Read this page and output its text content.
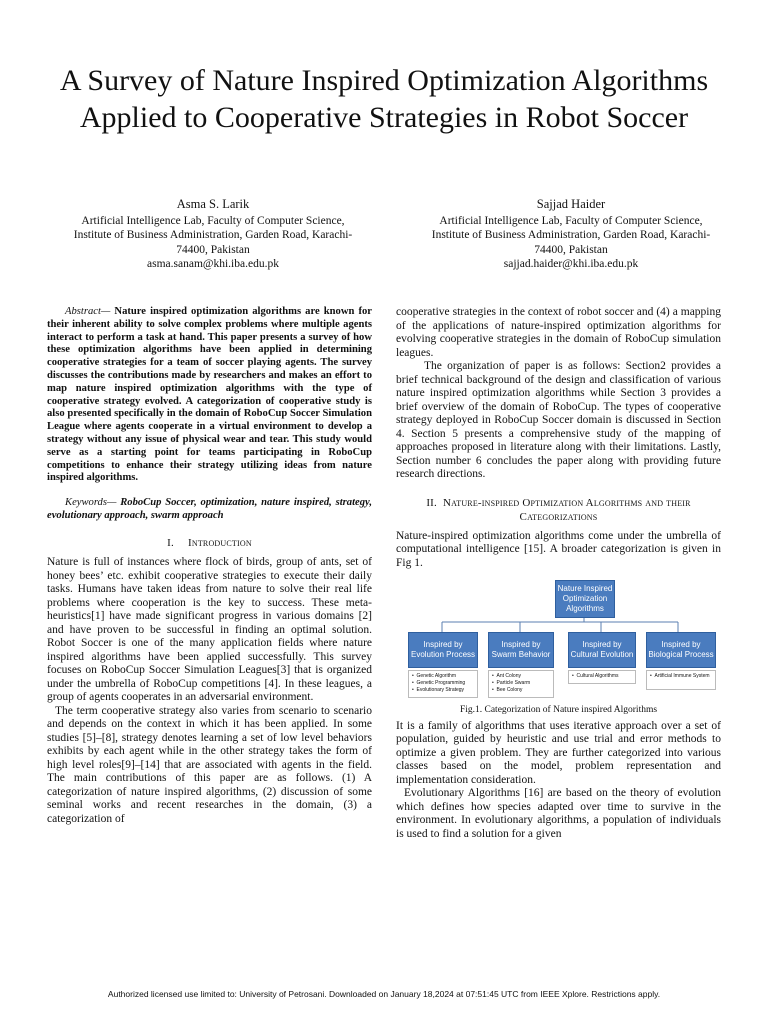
A Survey of Nature Inspired Optimization Algorithms Applied to Cooperative Strategies in Robot Soccer
Asma S. Larik
Artificial Intelligence Lab, Faculty of Computer Science,
Institute of Business Administration, Garden Road, Karachi-
74400, Pakistan
asma.sanam@khi.iba.edu.pk
Sajjad Haider
Artificial Intelligence Lab, Faculty of Computer Science,
Institute of Business Administration, Garden Road, Karachi-
74400, Pakistan
sajjad.haider@khi.iba.edu.pk

Abstract— Nature inspired optimization algorithms are known for their inherent ability to solve complex problems where multiple agents interact to perform a task at hand. This paper presents a survey of how these optimization algorithms have been applied in determining cooperative strategies for a team of soccer playing agents. The survey discusses the contributions made by researchers and makes an effort to map nature inspired optimization algorithms with the type of cooperative strategy evolved. A categorization of cooperative study is also presented specifically in the domain of RoboCup Soccer Simulation League where agents cooperate in a virtual environment to develop a strategy without any issue of physical wear and tear. This study would serve as a starting point for teams participating in RoboCup competitions to enhance their strategy utilizing ideas from nature inspired algorithms.

Keywords— RoboCup Soccer, optimization, nature inspired, strategy, evolutionary approach, swarm approach

I. Introduction

Nature is full of instances where flock of birds, group of ants, set of honey bees’ etc. exhibit cooperative strategies to execute their daily tasks. Humans have taken ideas from nature to solve their real life problems where cooperation is the key to success. These meta-heuristics[1] have made significant progress in various domains [2] and have proven to be successful in finding an optimal solution. Robot Soccer is one of the many application fields where nature inspired algorithms have been applied successfully. This survey focuses on RoboCup Soccer Simulation Leagues[3] that is organized under the umbrella of RoboCup competitions [4]. In these leagues, a group of agents cooperates in an adversarial environment.

The term cooperative strategy also varies from scenario to scenario and depends on the context in which it has been applied. In some studies [5]–[8], strategy denotes learning a set of low level behaviors exhibits by each agent while in the other strategy takes the form of high level roles[9]–[14] that are associated with agents in the field. The main contributions of this paper are as follows. (1) A categorization of nature inspired algorithms, (2) discussion of some seminal works and recent researches in the domain, (3) a categorization of

cooperative strategies in the context of robot soccer and (4) a mapping of the applications of nature-inspired optimization algorithms for evolving cooperative strategies in the domain of RoboCup simulation leagues.

The organization of paper is as follows: Section2 provides a brief technical background of the design and classification of various nature inspired optimization algorithms while Section 3 provides a brief overview of the domain of RoboCup. The types of cooperative strategy deployed in RoboCup Soccer domain is discussed in Section 4. Section 5 presents a comprehensive study of the mapping of approaches proposed in literature along with their limitations. Lastly, Section number 6 concludes the paper along with providing future research directions.

II. Nature-inspired Optimization Algorithms and their
Categorizations

Nature-inspired optimization algorithms come under the umbrella of computational intelligence [15]. A broader categorization is given in Fig 1.

Nature Inspired Optimization Algorithms
Inspired by Evolution Process
Inspired by Swarm Behavior
Inspired by Cultural Evolution
Inspired by Biological Process
•  Genetic Algorithm
•  Genetic Programming
•  Evolutionary Strategy
•  Ant Colony
•  Particle Swarm
•  Bee Colony
•  Cultural Algorithms
•	Artificial Immune System

Fig.1. Categorization of Nature inspired Algorithms

It is a family of algorithms that uses iterative approach over a set of population, guided by heuristic and use trial and error methods to optimize a given problem. They are further categorized into various classes based on the model, problem representation and implementation consideration.

Evolutionary Algorithms [16] are based on the theory of evolution which defines how species adapted over time to survive in the environment. In evolutionary algorithms, a population of individuals is used to find a solution for a given

Authorized licensed use limited to: University of Petrosani. Downloaded on January 18,2024 at 07:51:45 UTC from IEEE Xplore. Restrictions apply.
